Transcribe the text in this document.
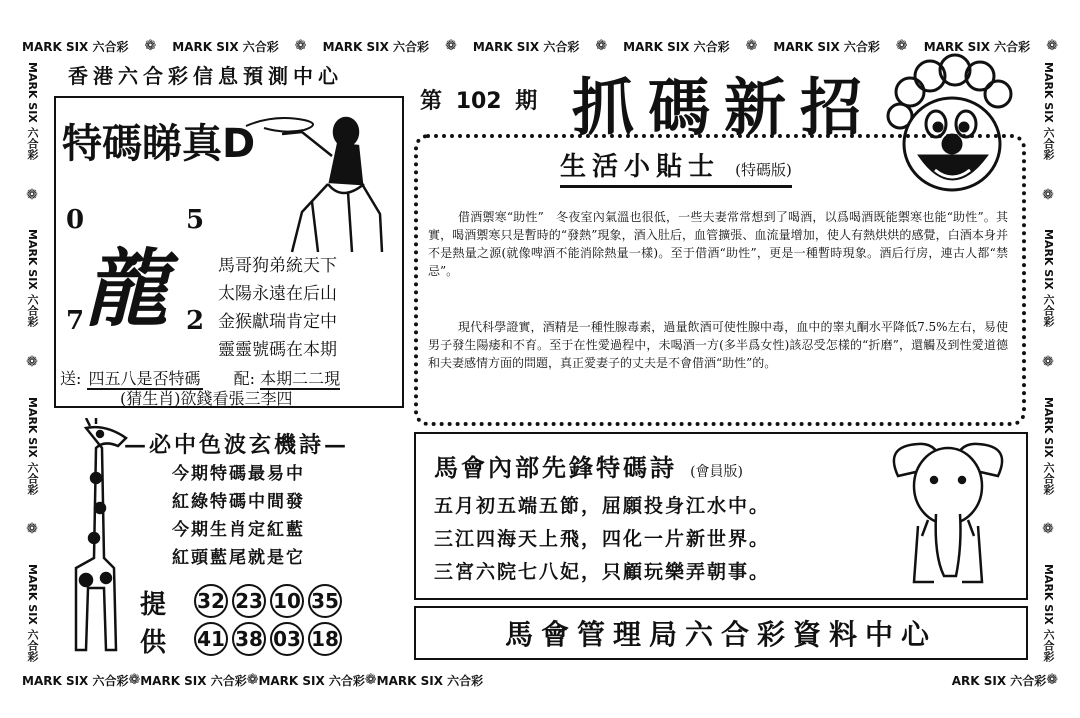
MARK SIX 六合彩 ❁ MARK SIX 六合彩 ❁ MARK SIX 六合彩 ❁ MARK SIX 六合彩 ❁ MARK SIX 六合彩 ❁ MARK SIX 六合彩 ❁ MARK SIX 六合彩 ❁
MARK SIX 六合彩 ❁ MARK SIX 六合彩 ❁ MARK SIX 六合彩 ❁ MARK SIX 六合彩	ARK SIX 六合彩 ❁
MARK SIX 六合彩
❁
MARK SIX 六合彩
❁
MARK SIX 六合彩
❁
MARK SIX 六合彩
MARK SIX 六合彩
❁
MARK SIX 六合彩
❁
MARK SIX 六合彩
❁
MARK SIX 六合彩
香港六合彩信息預測中心
第 102 期 抓碼新招
特碼睇真D
0	5
7	2
龍	馬哥狗弟統天下
太陽永遠在后山
金猴獻瑞肯定中
靈靈號碼在本期
送: 四五八是否特碼 配: 本期二二現
(猜生肖)欲錢看張三李四
生活小貼士 (特碼版)
借酒禦寒“助性”　冬夜室內氣溫也很低，一些夫妻常常想到了喝酒，以爲喝酒既能禦寒也能“助性”。其實，喝酒禦寒只是暫時的“發熱”現象，酒入肚后，血管擴張、血流量增加，使人有熱烘烘的感覺，白酒本身并不是熱量之源(就像啤酒不能消除熱量一樣)。至于借酒“助性”，更是一種暫時現象。酒后行房，連古人都“禁忌”。
現代科學證實，酒精是一種性腺毒素，過量飲酒可使性腺中毒，血中的睾丸酮水平降低7.5%左右，易使男子發生陽痿和不育。至于在性愛過程中，未喝酒一方(多半爲女性)該忍受怎樣的“折磨”，還觸及到性愛道德和夫妻感情方面的問題，真正愛妻子的丈夫是不會借酒“助性”的。
—必中色波玄機詩—
今期特碼最易中
紅綠特碼中間發
今期生肖定紅藍
紅頭藍尾就是它
提
供
32 23 10 35
41 38 03 18
馬會內部先鋒特碼詩 (會員版)
五月初五端五節，屈願投身江水中。
三江四海天上飛，四化一片新世界。
三宮六院七八妃，只顧玩樂弄朝事。
馬會管理局六合彩資料中心
